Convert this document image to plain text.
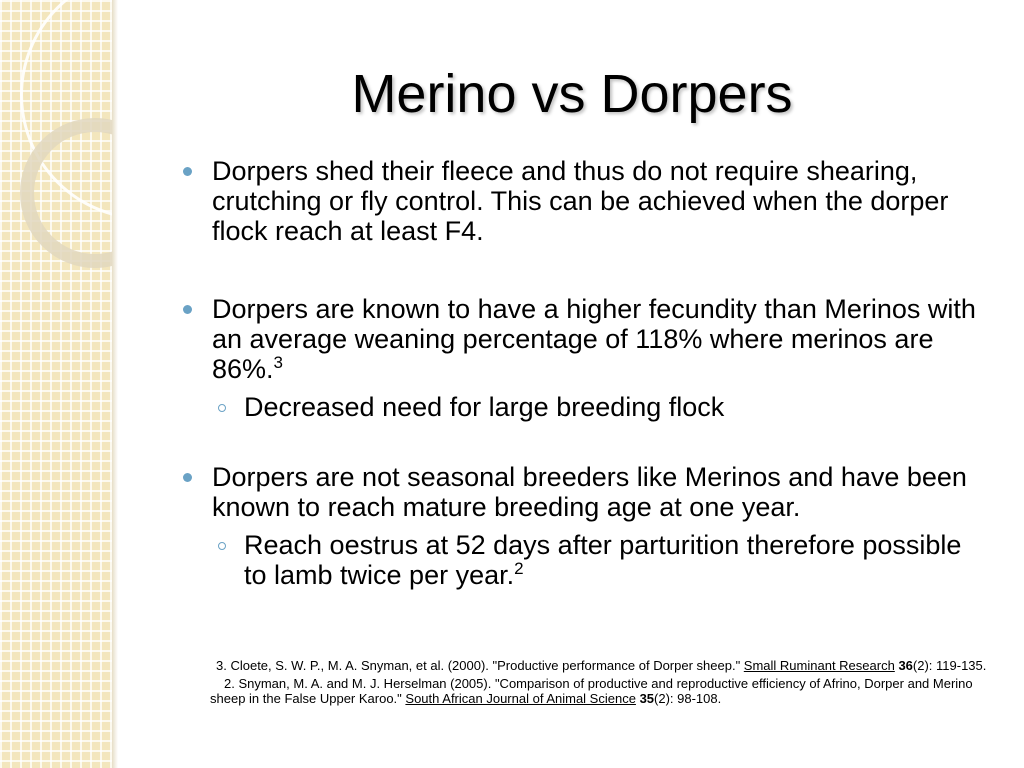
Merino vs Dorpers
Dorpers shed their fleece and thus do not require shearing, crutching or fly control. This can be achieved when the dorper flock reach at least F4.
Dorpers are known to have a higher fecundity than Merinos with an average weaning percentage of 118% where merinos are 86%.$^3$
Decreased need for large breeding flock
Dorpers are not seasonal breeders like Merinos and have been known to reach mature breeding age at one year.
Reach oestrus at 52 days after parturition therefore possible to lamb twice per year.$^2$
3. Cloete, S. W. P., M. A. Snyman, et al. (2000). "Productive performance of Dorper sheep." Small Ruminant Research 36(2): 119-135.
2. Snyman, M. A. and M. J. Herselman (2005). "Comparison of productive and reproductive efficiency of Afrino, Dorper and Merino sheep in the False Upper Karoo." South African Journal of Animal Science 35(2): 98-108.
